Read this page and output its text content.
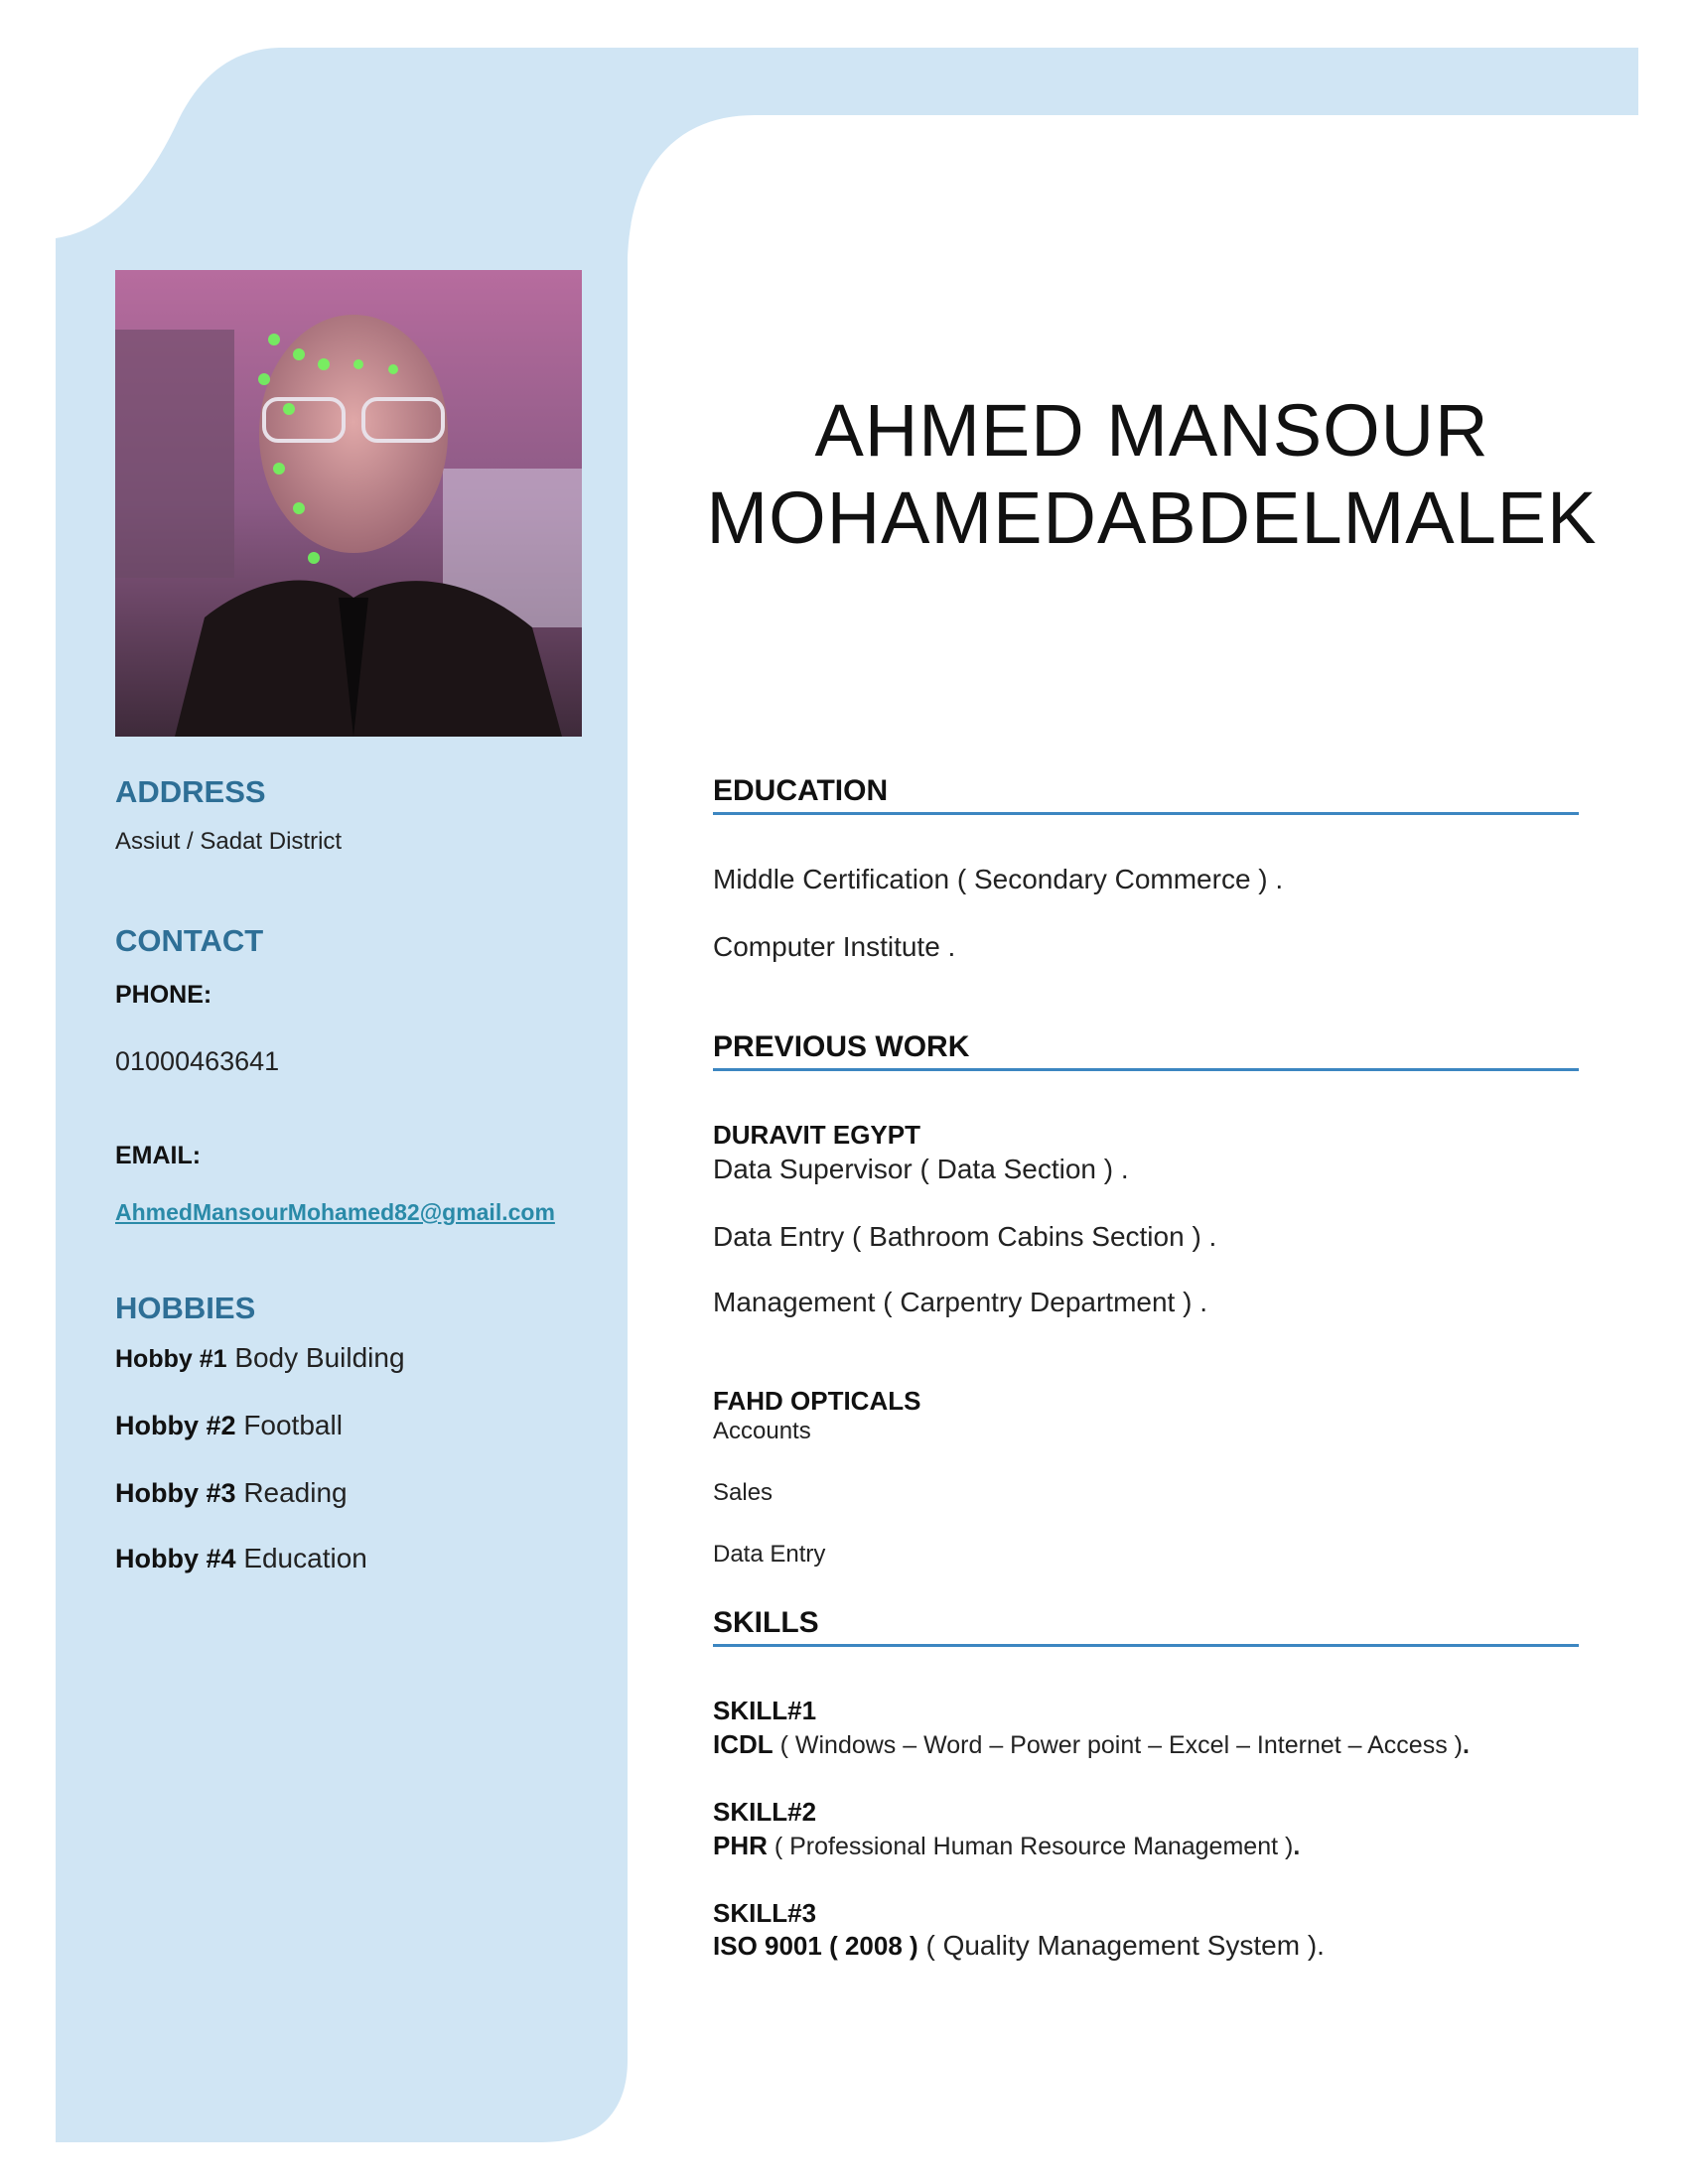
AHMED MANSOUR
MOHAMEDABDELMALEK
ADDRESS
Assiut / Sadat District
CONTACT
PHONE:
01000463641
EMAIL:
AhmedMansourMohamed82@gmail.com
HOBBIES
Hobby #1 Body Building
Hobby #2 Football
Hobby #3 Reading
Hobby #4 Education
EDUCATION
Middle Certification ( Secondary Commerce ) .
Computer Institute .
PREVIOUS WORK
DURAVIT EGYPT
Data Supervisor ( Data Section ) .
Data Entry ( Bathroom Cabins Section ) .
Management ( Carpentry Department ) .
FAHD OPTICALS
Accounts
Sales
Data Entry
SKILLS
SKILL#1
ICDL ( Windows – Word – Power point – Excel – Internet – Access ).
SKILL#2
PHR ( Professional Human Resource Management ).
SKILL#3
ISO 9001 ( 2008 ) ( Quality Management System ).
